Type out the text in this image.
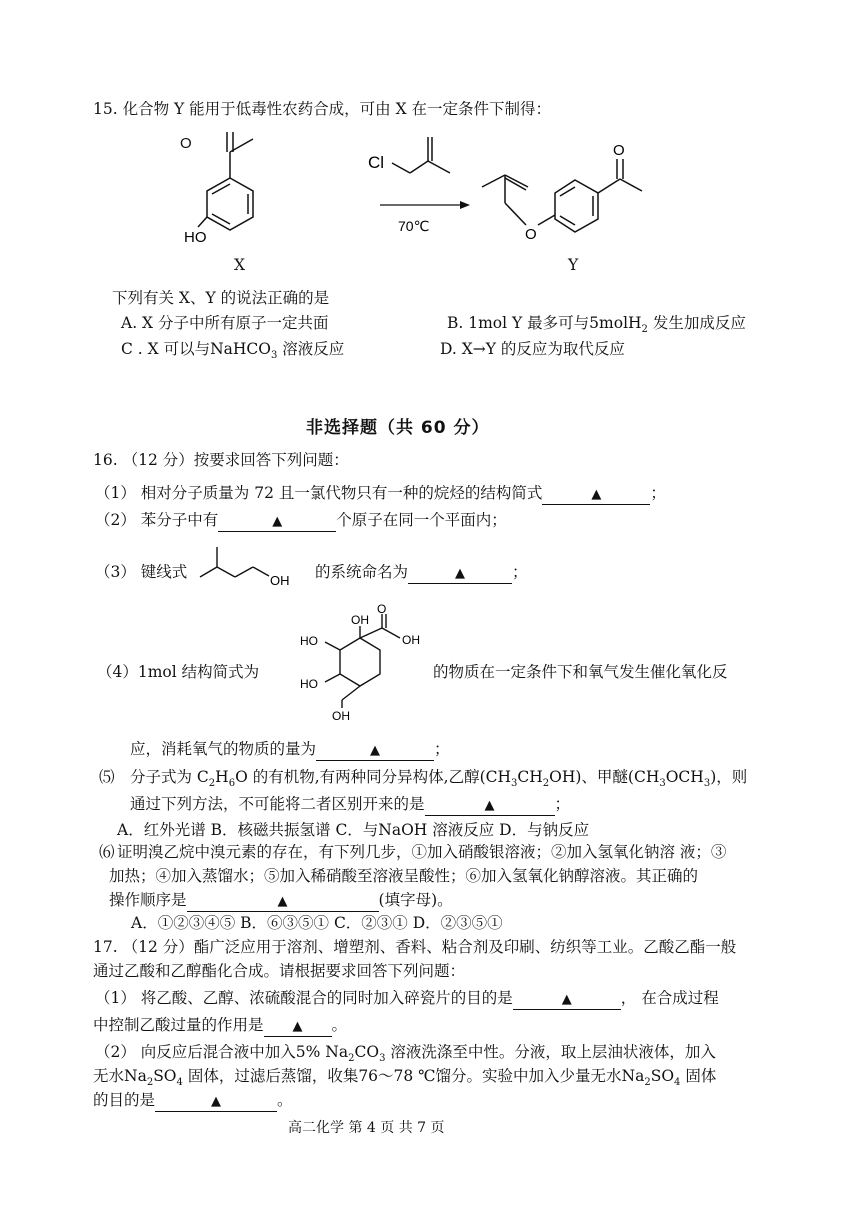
15. 化合物 Y 能用于低毒性农药合成，可由 X 在一定条件下制得：
HO
Cl
70℃	O
O
O
X	Y
下列有关 X、Y 的说法正确的是
A. X 分子中所有原子一定共面	B. 1mol Y 最多可与5molH$_2$ 发生加成反应
C . X 可以与NaHCO$_3$ 溶液反应	D. X→Y 的反应为取代反应
非选择题（共 60 分）
16. （12 分）按要求回答下列问题：
（1） 相对分子质量为 72 且一氯代物只有一种的烷烃的结构简式	▲	；
（2） 苯分子中有	▲	个原子在同一个平面内；
（3） 键线式	OH 的系统命名为	▲	；
（4）1mol 结构简式为
OH
O
OH
HO
HO
OH
的物质在一定条件下和氧气发生催化氧化反
应，消耗氧气的物质的量为	▲	；
⑸ 分子式为 $C_2H_6O$ 的有机物,有两种同分异构体,乙醇$(CH_3CH_2OH)$、甲醚$(CH_3OCH_3)$，则
通过下列方法，不可能将二者区别开来的是	▲	；
A．红外光谱 B．核磁共振氢谱 C．与NaOH 溶液反应 D．与钠反应
⑹ 证明溴乙烷中溴元素的存在，有下列几步，①加入硝酸银溶液；②加入氢氧化钠溶 液；③
加热；④加入蒸馏水；⑤加入稀硝酸至溶液呈酸性；⑥加入氢氧化钠醇溶液。其正确的
操作顺序是	▲	(填字母)。
A．①②③④⑤ B．⑥③⑤① C．②③① D．②③⑤①
17. （12 分）酯广泛应用于溶剂、增塑剂、香料、粘合剂及印刷、纺织等工业。乙酸乙酯一般
通过乙酸和乙醇酯化合成。请根据要求回答下列问题：
（1） 将乙酸、乙醇、浓硫酸混合的同时加入碎瓷片的目的是	▲	， 在合成过程
中控制乙酸过量的作用是 ▲ 。
（2） 向反应后混合液中加入5% $Na_2CO_3$ 溶液洗涤至中性。分液，取上层油状液体，加入
无水$Na_2SO_4$ 固体，过滤后蒸馏，收集76～78 ℃馏分。实验中加入少量无水$Na_2SO_4$ 固体
的目的是	▲	。
高二化学 第 4 页 共 7 页
